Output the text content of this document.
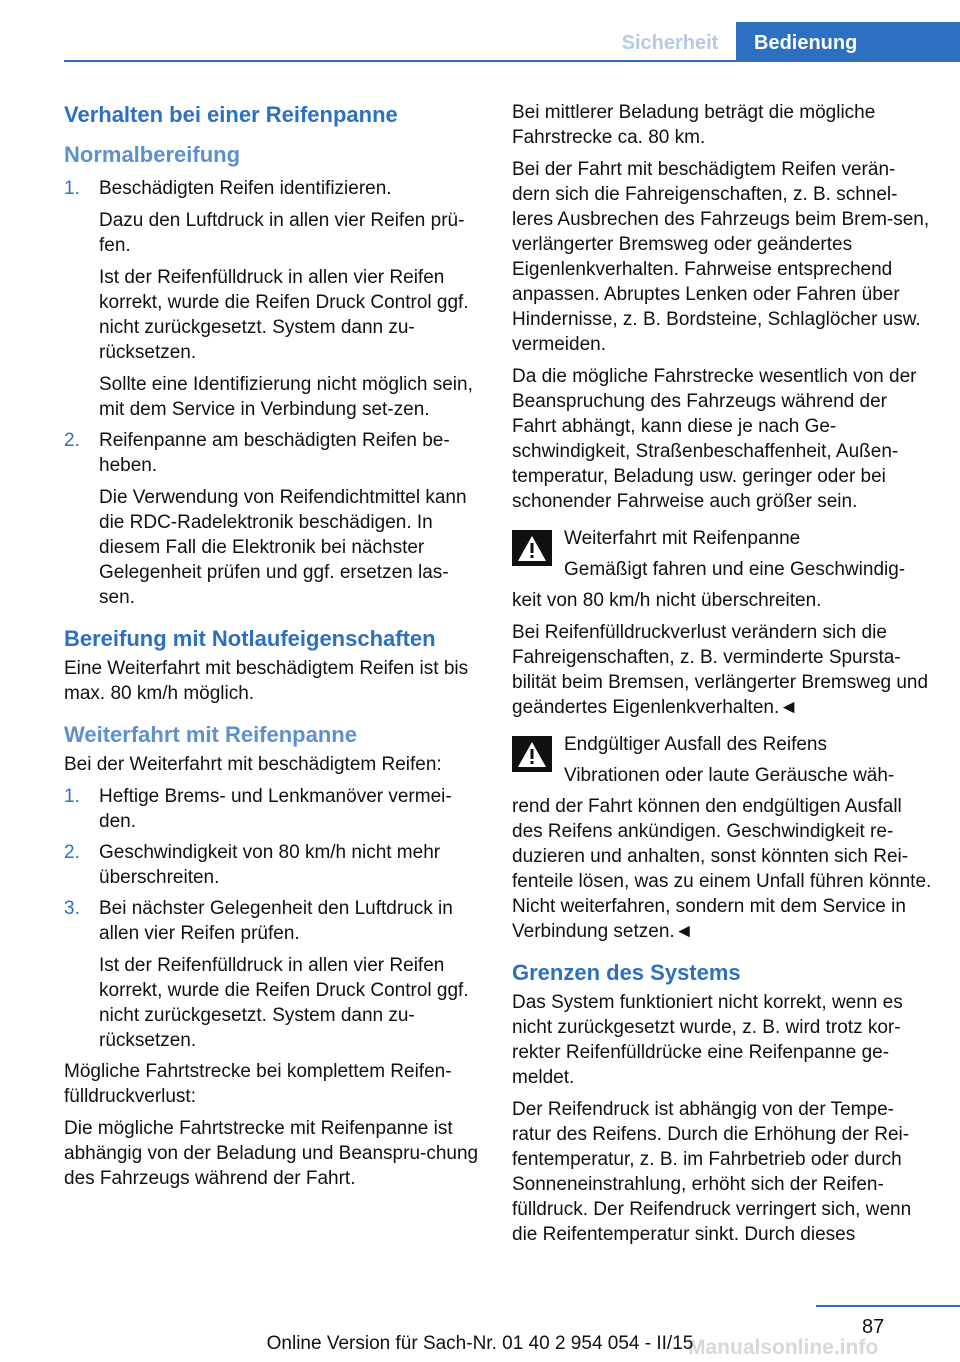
Sicherheit	Bedienung
Verhalten bei einer Reifenpanne
Normalbereifung
1. Beschädigten Reifen identifizieren.

Dazu den Luftdruck in allen vier Reifen prü-fen.

Ist der Reifenfülldruck in allen vier Reifen korrekt, wurde die Reifen Druck Control ggf. nicht zurückgesetzt. System dann zu-rücksetzen.

Sollte eine Identifizierung nicht möglich sein, mit dem Service in Verbindung set-zen.

2. Reifenpanne am beschädigten Reifen be-heben.

Die Verwendung von Reifendichtmittel kann die RDC-Radelektronik beschädigen. In diesem Fall die Elektronik bei nächster Gelegenheit prüfen und ggf. ersetzen las-sen.

Bereifung mit Notlaufeigenschaften

Eine Weiterfahrt mit beschädigtem Reifen ist bis max. 80 km/h möglich.

Weiterfahrt mit Reifenpanne

Bei der Weiterfahrt mit beschädigtem Reifen:

1. Heftige Brems- und Lenkmanöver vermei-den.

2. Geschwindigkeit von 80 km/h nicht mehr überschreiten.

3. Bei nächster Gelegenheit den Luftdruck in allen vier Reifen prüfen.

Ist der Reifenfülldruck in allen vier Reifen korrekt, wurde die Reifen Druck Control ggf. nicht zurückgesetzt. System dann zu-rücksetzen.

Mögliche Fahrtstrecke bei komplettem Reifen-fülldruckverlust:

Die mögliche Fahrtstrecke mit Reifenpanne ist abhängig von der Beladung und Beanspru-chung des Fahrzeugs während der Fahrt.

Bei mittlerer Beladung beträgt die mögliche Fahrstrecke ca. 80 km.

Bei der Fahrt mit beschädigtem Reifen verän-dern sich die Fahreigenschaften, z. B. schnel-leres Ausbrechen des Fahrzeugs beim Brem-sen, verlängerter Bremsweg oder geändertes Eigenlenkverhalten. Fahrweise entsprechend anpassen. Abruptes Lenken oder Fahren über Hindernisse, z. B. Bordsteine, Schlaglöcher usw. vermeiden.

Da die mögliche Fahrstrecke wesentlich von der Beanspruchung des Fahrzeugs während der Fahrt abhängt, kann diese je nach Ge-schwindigkeit, Straßenbeschaffenheit, Außen-temperatur, Beladung usw. geringer oder bei schonender Fahrweise auch größer sein.

Weiterfahrt mit Reifenpanne

Gemäßigt fahren und eine Geschwindig-

keit von 80 km/h nicht überschreiten.

Bei Reifenfülldruckverlust verändern sich die Fahreigenschaften, z. B. verminderte Spursta-bilität beim Bremsen, verlängerter Bremsweg und geändertes Eigenlenkverhalten.◄

Endgültiger Ausfall des Reifens

Vibrationen oder laute Geräusche wäh-

rend der Fahrt können den endgültigen Ausfall des Reifens ankündigen. Geschwindigkeit re-duzieren und anhalten, sonst könnten sich Rei-fenteile lösen, was zu einem Unfall führen könnte. Nicht weiterfahren, sondern mit dem Service in Verbindung setzen.◄

Grenzen des Systems

Das System funktioniert nicht korrekt, wenn es nicht zurückgesetzt wurde, z. B. wird trotz kor-rekter Reifenfülldrücke eine Reifenpanne ge-meldet.

Der Reifendruck ist abhängig von der Tempe-ratur des Reifens. Durch die Erhöhung der Rei-fentemperatur, z. B. im Fahrbetrieb oder durch Sonneneinstrahlung, erhöht sich der Reifen-fülldruck. Der Reifendruck verringert sich, wenn die Reifentemperatur sinkt. Durch dieses

87
Manualsonline.info
Online Version für Sach-Nr. 01 40 2 954 054 - II/15
